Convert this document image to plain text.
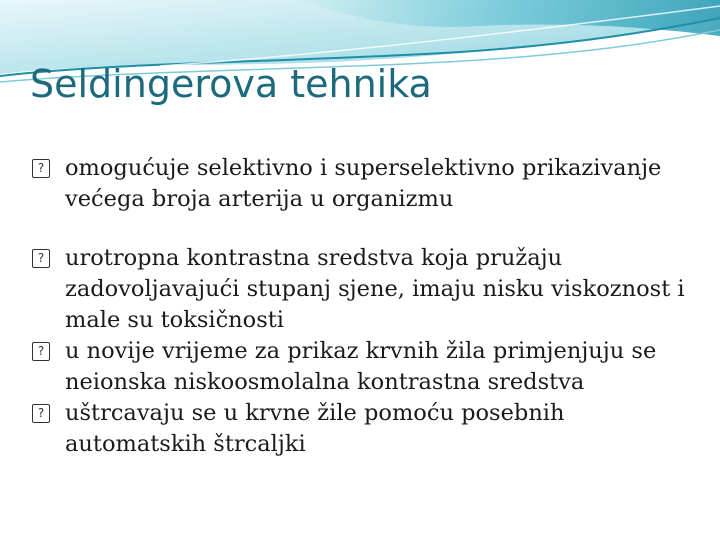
Seldingerova tehnika
? omogućuje selektivno i superselektivno prikazivanje većega broja arterija u organizmu
? urotropna kontrastna sredstva koja pružaju zadovoljavajući stupanj sjene, imaju nisku viskoznost i male su toksičnosti
? u novije vrijeme za prikaz krvnih žila primjenjuju se neionska niskoosmolalna kontrastna sredstva
? uštrcavaju se u krvne žile pomoću posebnih automatskih štrcaljki
